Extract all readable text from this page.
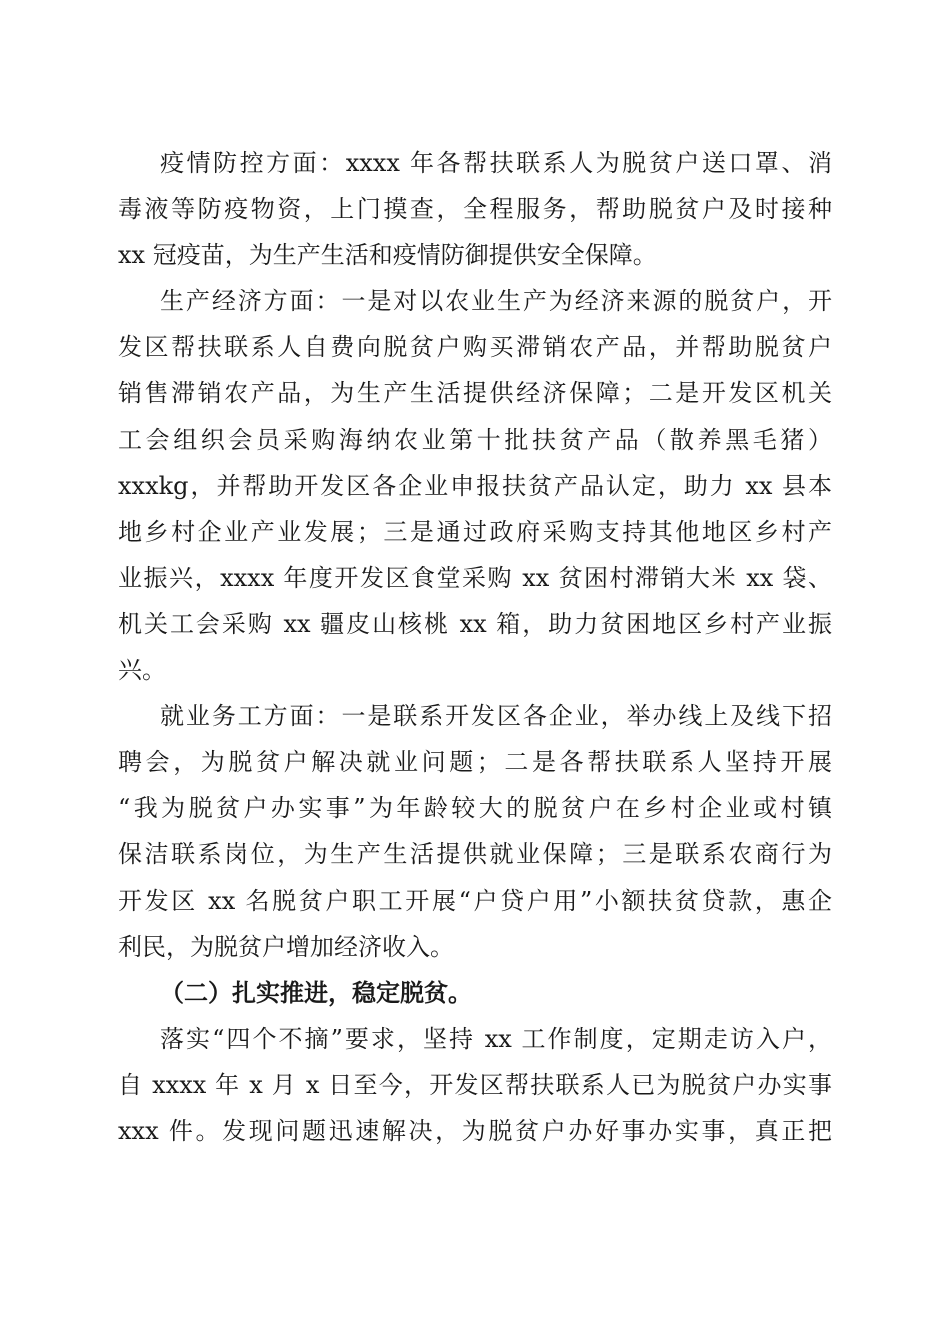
疫情防控方面：xxxx 年各帮扶联系人为脱贫户送口罩、消
毒液等防疫物资，上门摸查，全程服务，帮助脱贫户及时接种
xx 冠疫苗，为生产生活和疫情防御提供安全保障。
生产经济方面：一是对以农业生产为经济来源的脱贫户，开
发区帮扶联系人自费向脱贫户购买滞销农产品，并帮助脱贫户
销售滞销农产品，为生产生活提供经济保障；二是开发区机关
工会组织会员采购海纳农业第十批扶贫产品（散养黑毛猪）
xxxkg，并帮助开发区各企业申报扶贫产品认定，助力 xx 县本
地乡村企业产业发展；三是通过政府采购支持其他地区乡村产
业振兴，xxxx 年度开发区食堂采购 xx 贫困村滞销大米 xx 袋、
机关工会采购 xx 疆皮山核桃 xx 箱，助力贫困地区乡村产业振
兴。
就业务工方面：一是联系开发区各企业，举办线上及线下招
聘会，为脱贫户解决就业问题；二是各帮扶联系人坚持开展
“我为脱贫户办实事”为年龄较大的脱贫户在乡村企业或村镇
保洁联系岗位，为生产生活提供就业保障；三是联系农商行为
开发区 xx 名脱贫户职工开展“户贷户用”小额扶贫贷款，惠企
利民，为脱贫户增加经济收入。
（二）扎实推进，稳定脱贫。
落实“四个不摘”要求，坚持 xx 工作制度，定期走访入户，
自 xxxx 年 x 月 x 日至今，开发区帮扶联系人已为脱贫户办实事
xxx 件。发现问题迅速解决，为脱贫户办好事办实事，真正把
